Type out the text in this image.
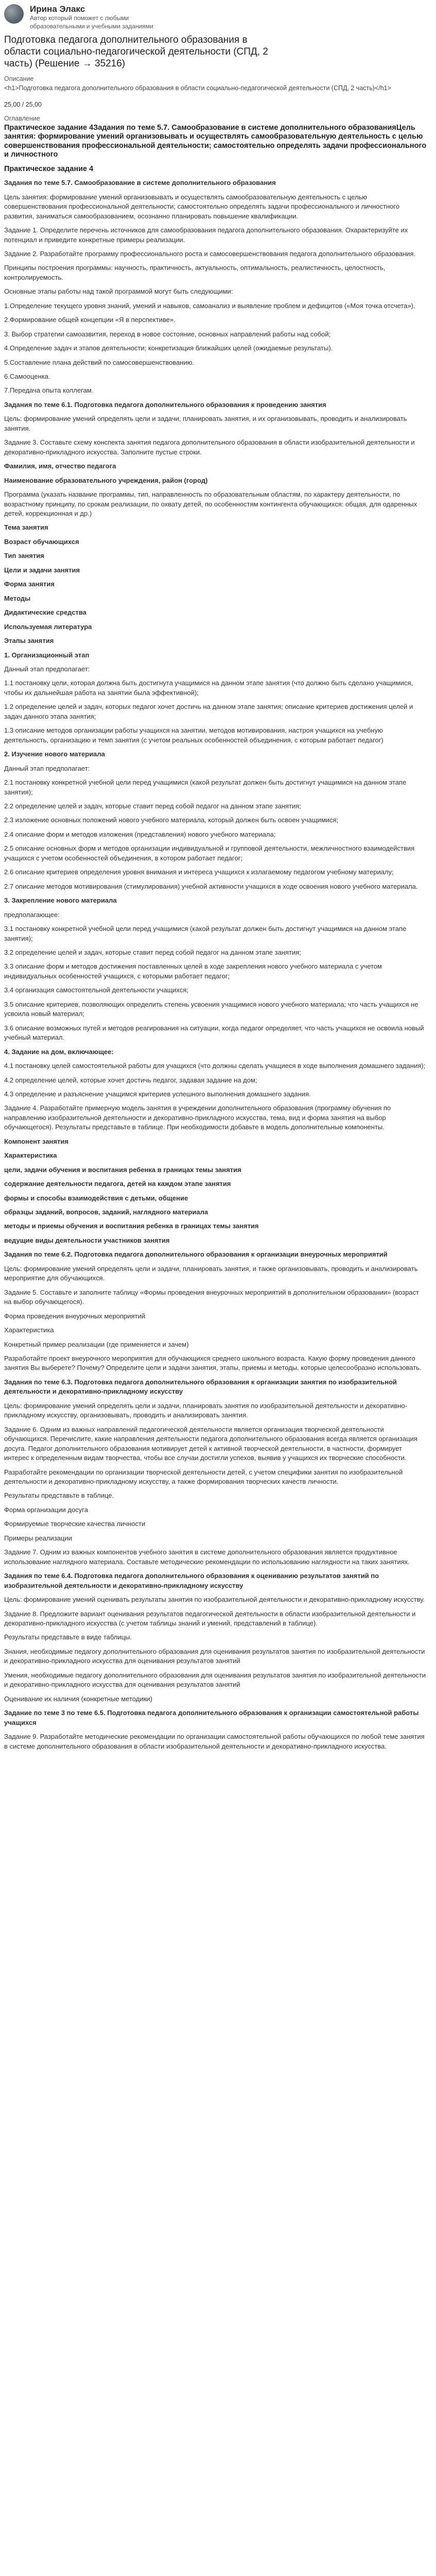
Ирина Элакс
Автор который поможет с любыми образовательными и учебными заданиями
Подготовка педагога дополнительного образования в области социально-педагогической деятельности (СПД, 2 часть) (Решение → 35216)
Описание
<h1>Подготовка педагога дополнительного образования в области социально-педагогической деятельности (СПД, 2 часть)</h1>
25,00 / 25,00
Оглавление
Практическое задание 4Задания по теме 5.7. Самообразование в системе дополнительного образованияЦель занятия: формирование умений организовывать и осуществлять самообразовательную деятельность с целью совершенствования профессиональной деятельности; самостоятельно определять задачи профессионального и личностного
Практическое задание 4

Задания по теме 5.7. Самообразование в системе дополнительного образования

Цель занятия: формирование умений организовывать и осуществлять самообразовательную деятельность с целью совершенствования профессиональной деятельности; самостоятельно определять задачи профессионального и личностного развития, заниматься самообразованием, осознанно планировать повышение квалификации.

Задание 1. Определите перечень источников для самообразования педагога дополнительного образования. Охарактеризуйте их потенциал и приведите конкретные примеры реализации.

Задание 2. Разработайте программу профессионального роста и самосовершенствования педагога дополнительного образования.

Принципы построения программы: научность, практичность, актуальность, оптимальность, реалистичность, целостность, контролируемость.

Основные этапы работы над такой программой могут быть следующими:

1.Определение текущего уровня знаний, умений и навыков, самоанализ и выявление проблем и дефицитов («Моя точка отсчета»).

2.Формирование общей концепции «Я в перспективе».

3. Выбор стратегии самоазвития, переход в новое состояние, основных направлений работы над собой;

4.Определение задач и этапов деятельности; конкретизация ближайших целей (ожидаемые результаты).

5.Составление плана действий по самосовершенствованию.

6.Самооценка.

7.Передача опыта коллегам.

Задания по теме 6.1. Подготовка педагога дополнительного образования к проведению занятия

Цель: формирование умений определять цели и задачи, планировать занятия, и их организовывать, проводить и анализировать занятия.

Задание 3. Составьте схему конспекта занятия педагога дополнительного образования в области изобразительной деятельности и декоративно-прикладного искусства. Заполните пустые строки.

Фамилия, имя, отчество педагога

Наименование образовательного учреждения, район (город)

Программа (указать название программы, тип, направленность по образовательным областям, по характеру деятельности, по возрастному принципу, по срокам реализации, по охвату детей, по особенностям контингента обучающихся: общая, для одаренных детей, коррекционная и др.)

Тема занятия

Возраст обучающихся

Тип занятия

Цели и задачи занятия

Форма занятия

Методы

Дидактические средства

Используемая литература

Этапы занятия

1. Организационный этап

Данный этап предполагает:

1.1 постановку цели, которая должна быть достигнута учащимися на данном этапе занятия (что должно быть сделано учащимися, чтобы их дальнейшая работа на занятии была эффективной);

1.2 определение целей и задач, которых педагог хочет достичь на данном этапе занятия; описание критериев достижения целей и задач данного этапа занятия;

1.3 описание методов организации работы учащихся на занятии, методов мотивирования, настроя учащихся на учебную деятельность, организацию и темп занятия (с учетом реальных особенностей объединения, с которым работает педагог)

2. Изучение нового материала

Данный этап предполагает:

2.1 постановку конкретной учебной цели перед учащимися (какой результат должен быть достигнут учащимися на данном этапе занятия);

2.2 определение целей и задач, которые ставит перед собой педагог на данном этапе занятия;

2.3 изложение основных положений нового учебного материала, который должен быть освоен учащимися;

2.4 описание форм и методов изложения (представления) нового учебного материала;

2.5 описание основных форм и методов организации индивидуальной и групповой деятельности, межличностного взаимодействия учащихся с учетом особенностей объединения, в котором работает педагог;

2.6 описание критериев определения уровня внимания и интереса учащихся к излагаемому педагогом учебному материалу;

2.7 описание методов мотивирования (стимулирования) учебной активности учащихся в ходе освоения нового учебного материала.

3. Закрепление нового материала

предполагающее:

3.1 постановку конкретной учебной цели перед учащимися (какой результат должен быть достигнут учащимися на данном этапе занятия);

3.2 определение целей и задач, которые ставит перед собой педагог на данном этапе занятия;

3.3 описание форм и методов достижения поставленных целей в ходе закрепления нового учебного материала с учетом индивидуальных особенностей учащихся, с которыми работает педагог;

3.4 организация самостоятельной деятельности учащихся;

3.5 описание критериев, позволяющих определить степень усвоения учащимися нового учебного материала; что часть учащихся не усвоила новый материал;

3.6 описание возможных путей и методов реагирования на ситуации, когда педагог определяет, что часть учащихся не освоила новый учебный материал.

4. Задание на дом, включающее:

4.1 постановку целей самостоятельной работы для учащихся (что должны сделать учащиеся в ходе выполнения домашнего задания);

4.2 определение целей, которые хочет достичь педагог, задавая задание на дом;

4.3 определение и разъяснение учащимся критериев успешного выполнения домашнего задания.

Задание 4. Разработайте примерную модель занятия в учреждении дополнительного образования (программу обучения по направлению изобразительной деятельности и декоративно-прикладного искусства, тема, вид и форма занятия на выбор обучающегося). Результаты представьте в таблице. При необходимости добавьте в модель дополнительные компоненты.

Компонент занятия

Характеристика

цели, задачи обучения и воспитания ребенка в границах темы занятия

содержание деятельности педагога, детей на каждом этапе занятия

формы и способы взаимодействия с детьми, общение

образцы заданий, вопросов, заданий, наглядного материала

методы и приемы обучения и воспитания ребенка в границах темы занятия

ведущие виды деятельности участников занятия

Задания по теме 6.2. Подготовка педагога дополнительного образования к организации внеурочных мероприятий

Цель: формирование умений определять цели и задачи, планировать занятия, и также организовывать, проводить и анализировать мероприятие для обучающихся.

Задание 5. Составьте и заполните таблицу «Формы проведения внеурочных мероприятий в дополнительном образовании» (возраст на выбор обучающегося).

Форма проведения внеурочных мероприятий

Характеристика

Конкретный пример реализации (где применяется и зачем)

Разработайте проект внеурочного мероприятия для обучающихся среднего школьного возраста. Какую форму проведения данного занятия Вы выберете? Почему? Определите цели и задачи занятия, этапы, приемы и методы, которые целесообразно использовать.

Задания по теме 6.3. Подготовка педагога дополнительного образования к организации занятия по изобразительной деятельности и декоративно-прикладному искусству

Цель: формирование умений определять цели и задачи, планировать занятия по изобразительной деятельности и декоративно-прикладному искусству, организовывать, проводить и анализировать занятия.

Задание 6. Одним из важных направлений педагогической деятельности является организация творческой деятельности обучающихся. Перечислите, какие направления деятельности педагога дополнительного образования всегда является организация досуга. Педагог дополнительного образования мотивирует детей к активной творческой деятельности, в частности, формирует интерес к определенным видам творчества, чтобы все случаи достигли успехов, выявив у учащихся их творческие способности.

Разработайте рекомендации по организации творческой деятельности детей, с учетом специфики занятия по изобразительной деятельности и декоративно-прикладному искусству, а также формирования творческих качеств личности.

Результаты представьте в таблице.

Форма организации досуга

Формируемые творческие качества личности

Примеры реализации

Задание 7. Одним из важных компонентов учебного занятия в системе дополнительного образования является продуктивное использование наглядного материала. Составьте методические рекомендации по использованию наглядности на таких занятиях.

Задания по теме 6.4. Подготовка педагога дополнительного образования к оцениванию результатов занятий по изобразительной деятельности и декоративно-прикладному искусству

Цель: формирование умений оценивать результаты занятия по изобразительной деятельности и декоративно-прикладному искусству.

Задание 8. Предложите вариант оценивания результатов педагогической деятельности в области изобразительной деятельности и декоративно-прикладного искусства (с учетом таблицы знаний и умений, представлений в таблице).

Результаты представьте в виде таблицы.

Знания, необходимые педагогу дополнительного образования для оценивания результатов занятия по изобразительной деятельности и декоративно-прикладного искусства для оценивания результатов занятий

Умения, необходимые педагогу дополнительного образования для оценивания результатов занятия по изобразительной деятельности и декоративно-прикладного искусства для оценивания результатов занятий

Оценивание их наличия (конкретные методики)

Задание по теме 3 по теме 6.5. Подготовка педагога дополнительного образования к организации самостоятельной работы учащихся

Задание 9. Разработайте методические рекомендации по организации самостоятельной работы обучающихся по любой теме занятия в системе дополнительного образования в области изобразительной деятельности и декоративно-прикладного искусства.
